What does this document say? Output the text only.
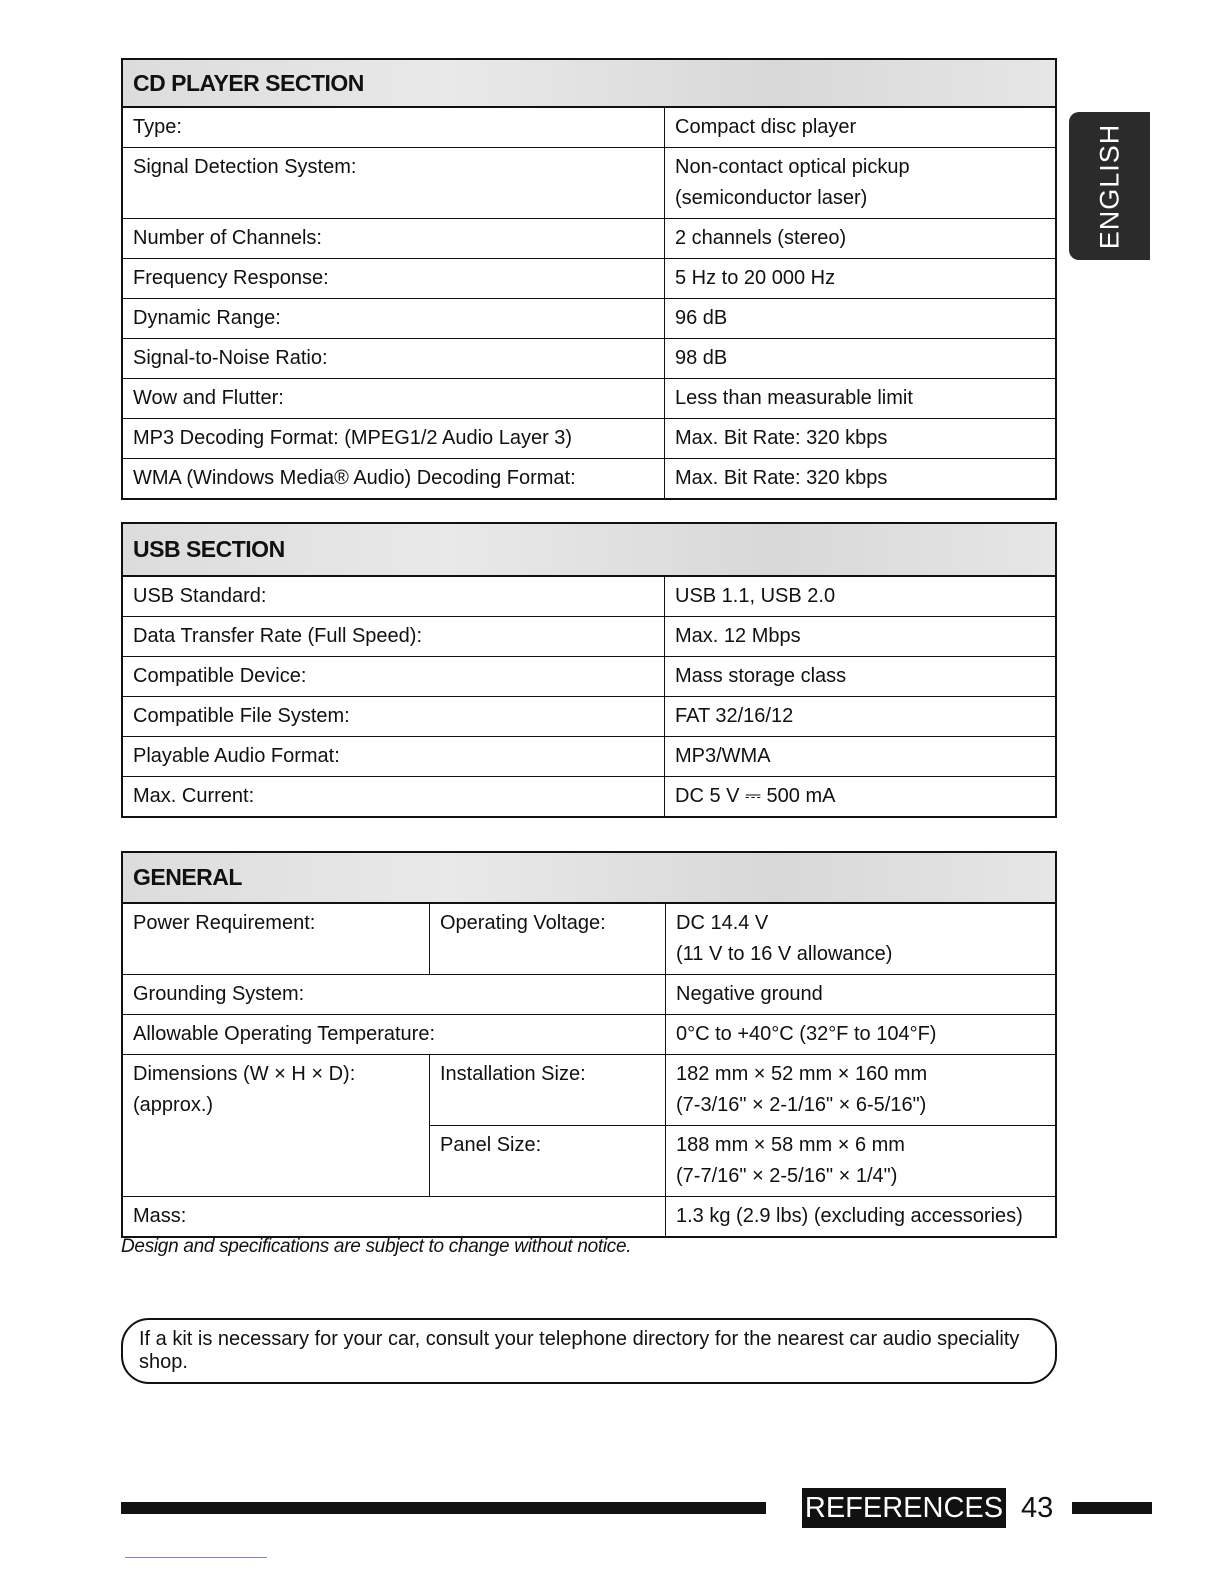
ENGLISH
CD PLAYER SECTION
Type:	Compact disc player
Signal Detection System:	Non-contact optical pickup
(semiconductor laser)
Number of Channels:	2 channels (stereo)
Frequency Response:	5 Hz to 20 000 Hz
Dynamic Range:	96 dB
Signal-to-Noise Ratio:	98 dB
Wow and Flutter:	Less than measurable limit
MP3 Decoding Format: (MPEG1/2 Audio Layer 3)	Max. Bit Rate: 320 kbps
WMA (Windows Media® Audio) Decoding Format:	Max. Bit Rate: 320 kbps
USB SECTION
USB Standard:	USB 1.1, USB 2.0
Data Transfer Rate (Full Speed):	Max. 12 Mbps
Compatible Device:	Mass storage class
Compatible File System:	FAT 32/16/12
Playable Audio Format:	MP3/WMA
Max. Current:	DC 5 V ⎓ 500 mA
GENERAL
Power Requirement:	Operating Voltage:	DC 14.4 V
(11 V to 16 V allowance)
Grounding System:	Negative ground
Allowable Operating Temperature:	0°C to +40°C (32°F to 104°F)
Dimensions (W × H × D): (approx.)
Installation Size:	182 mm × 52 mm × 160 mm
(7-3/16" × 2-1/16" × 6-5/16")
Panel Size:	188 mm × 58 mm × 6 mm
(7-7/16" × 2-5/16" × 1/4")
Mass:	1.3 kg (2.9 lbs) (excluding accessories)
Design and specifications are subject to change without notice.
If a kit is necessary for your car, consult your telephone directory for the nearest car audio speciality shop.
REFERENCES 43
